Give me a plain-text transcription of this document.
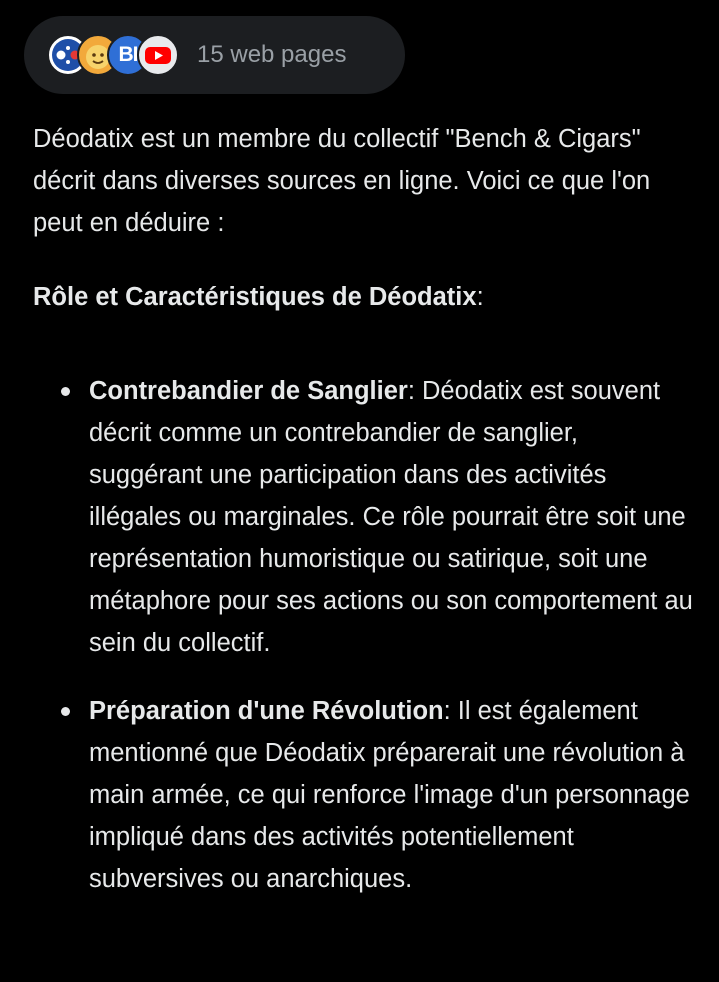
BI 15 web pages

Déodatix est un membre du collectif "Bench & Cigars" décrit dans diverses sources en ligne. Voici ce que l'on peut en déduire :

Rôle et Caractéristiques de Déodatix:

Contrebandier de Sanglier: Déodatix est souvent décrit comme un contrebandier de sanglier, suggérant une participation dans des activités illégales ou marginales. Ce rôle pourrait être soit une représentation humoristique ou satirique, soit une métaphore pour ses actions ou son comportement au sein du collectif.
Préparation d'une Révolution: Il est également mentionné que Déodatix préparerait une révolution à main armée, ce qui renforce l'image d'un personnage impliqué dans des activités potentiellement subversives ou anarchiques.
